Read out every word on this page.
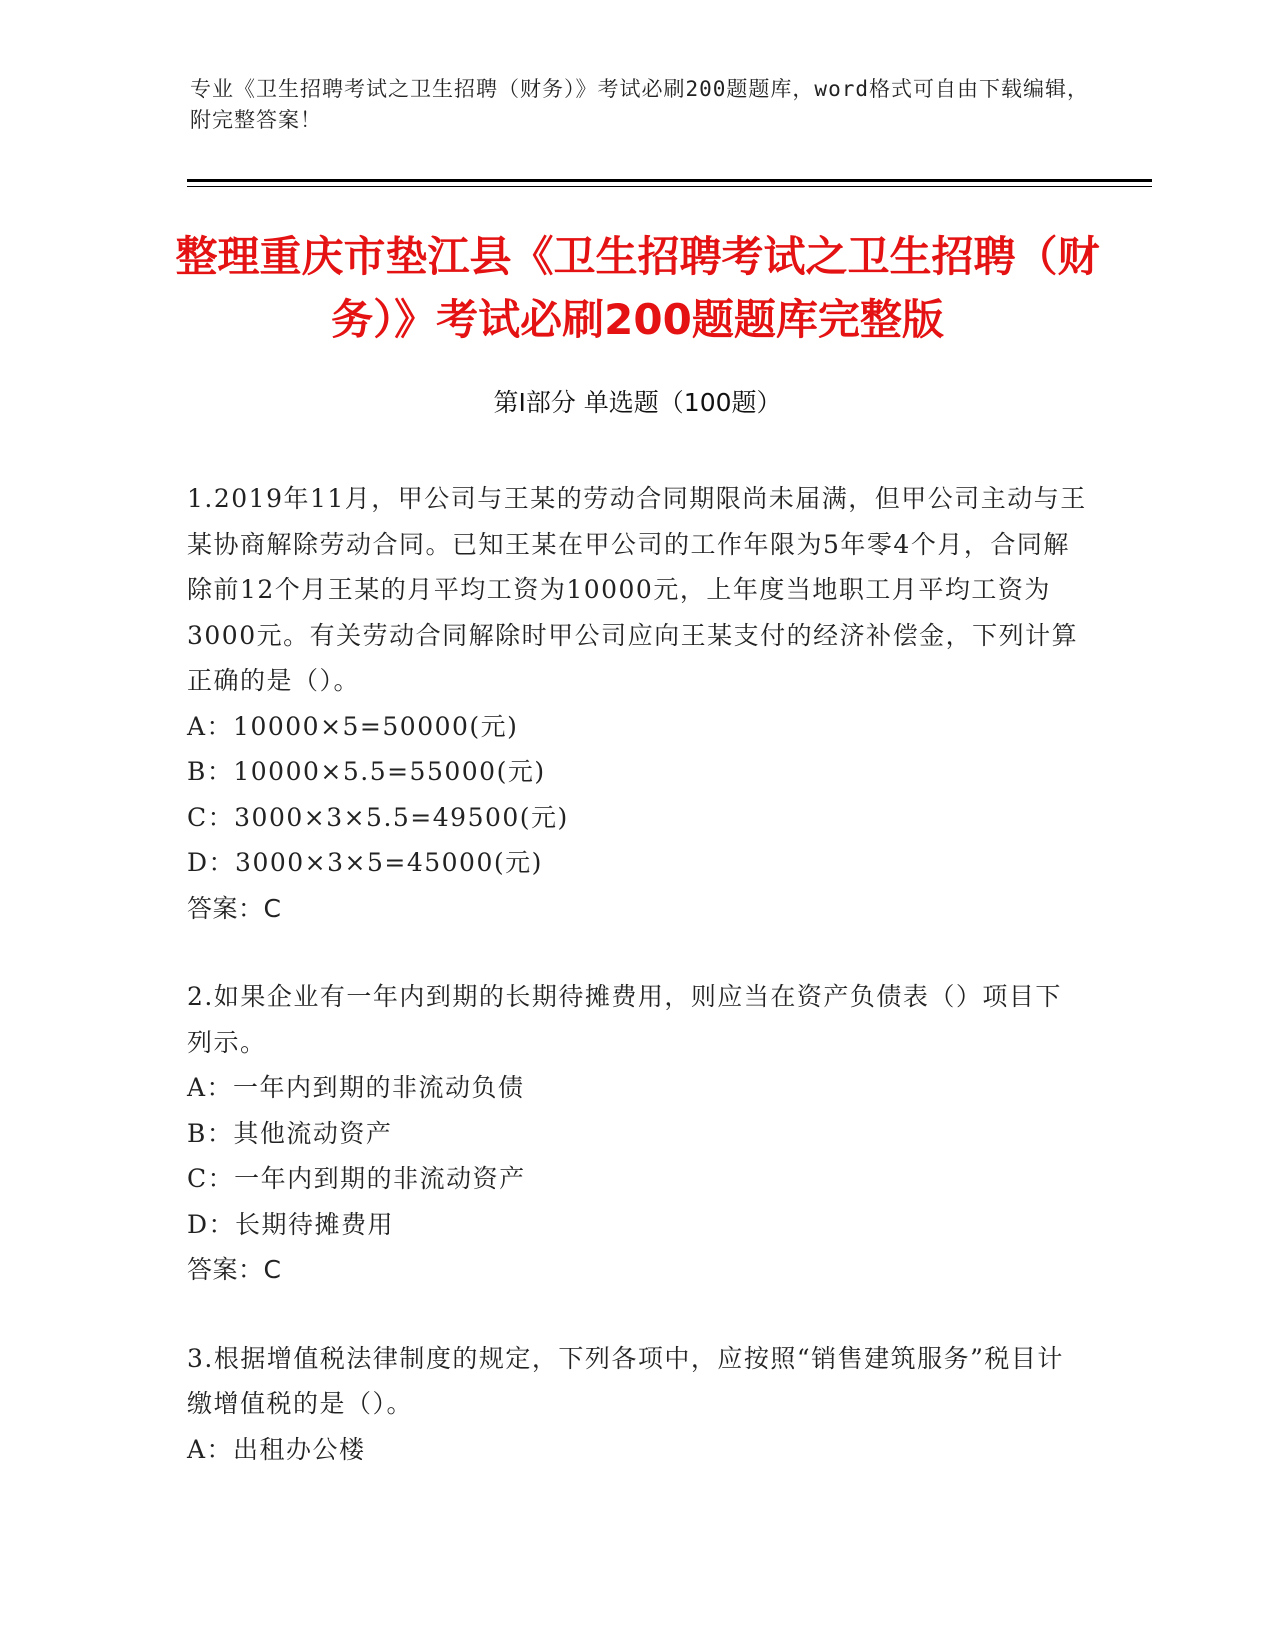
专业《卫生招聘考试之卫生招聘（财务）》考试必刷200题题库，word格式可自由下载编辑，附完整答案！
整理重庆市垫江县《卫生招聘考试之卫生招聘（财务）》考试必刷200题题库完整版
第Ⅰ部分 单选题（100题）

1.2019年11月，甲公司与王某的劳动合同期限尚未届满，但甲公司主动与王某协商解除劳动合同。已知王某在甲公司的工作年限为5年零4个月，合同解除前12个月王某的月平均工资为10000元，上年度当地职工月平均工资为3000元。有关劳动合同解除时甲公司应向王某支付的经济补偿金，下列计算正确的是（）。

A：10000×5=50000(元)

B：10000×5.5=55000(元)

C：3000×3×5.5=49500(元)

D：3000×3×5=45000(元)

答案：C

2.如果企业有一年内到期的长期待摊费用，则应当在资产负债表（）项目下列示。

A：一年内到期的非流动负债

B：其他流动资产

C：一年内到期的非流动资产

D：长期待摊费用

答案：C

3.根据增值税法律制度的规定，下列各项中，应按照“销售建筑服务”税目计缴增值税的是（）。

A：出租办公楼
